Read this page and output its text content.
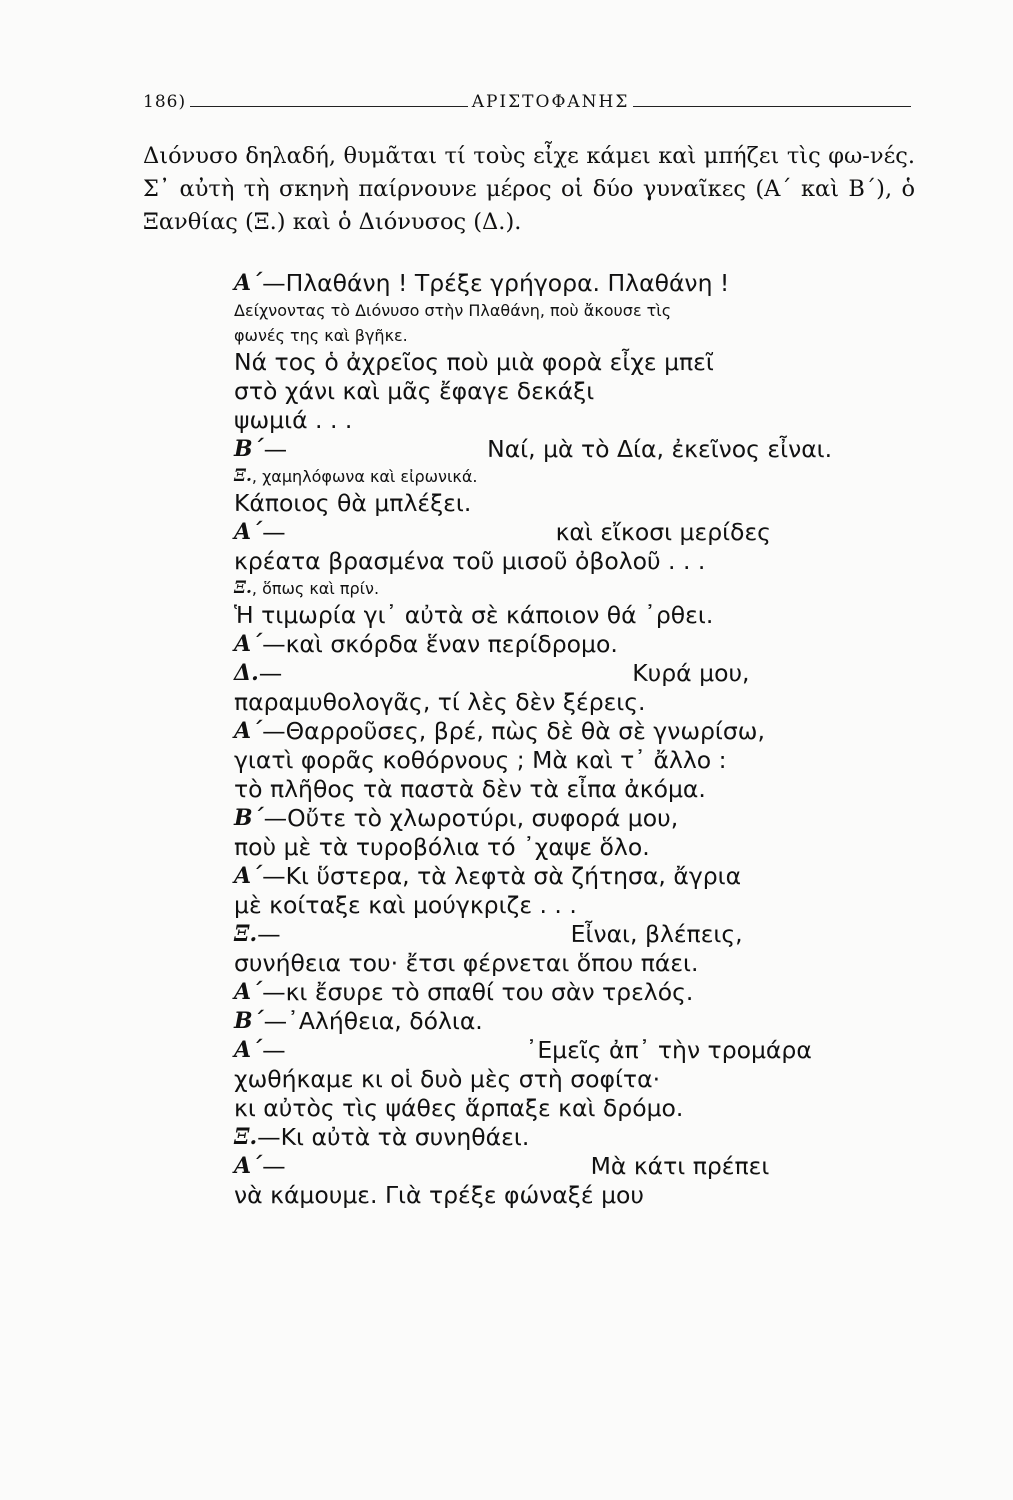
186)	ΑΡΙΣΤΟΦΑΝΗΣ
Διόνυσο δηλαδή, θυμᾶται τί τοὺς εἶχε κάμει καὶ μπήζει τὶς φω-νές. Σ᾽ αὐτὴ τὴ σκηνὴ παίρνουνε μέρος οἱ δύο γυναῖκες (Α΄ καὶ Β΄), ὁ Ξανθίας (Ξ.) καὶ ὁ Διόνυσος (Δ.).
Α΄ —Πλαθάνη ! Τρέξε γρήγορα. Πλαθάνη !
Δείχνοντας τὸ Διόνυσο στὴν Πλαθάνη, ποὺ ἄκουσε τὶς
φωνές της καὶ βγῆκε.
Νά τος ὁ ἀχρεῖος ποὺ μιὰ φορὰ εἶχε μπεῖ
στὸ χάνι καὶ μᾶς ἔφαγε δεκάξι
ψωμιά . . .
Β΄ —	Ναί, μὰ τὸ Δία, ἐκεῖνος εἶναι.
Ξ. , χαμηλόφωνα καὶ εἰρωνικά.
Κάποιος θὰ μπλέξει.
Α΄ —	καὶ εἴκοσι μερίδες
κρέατα βρασμένα τοῦ μισοῦ ὀβολοῦ . . .
Ξ. , ὅπως καὶ πρίν.
Ἡ τιμωρία γι᾽ αὐτὰ σὲ κάποιον θά ᾽ρθει.
Α΄ —καὶ σκόρδα ἕναν περίδρομο.
Δ. —	Κυρά μου,
παραμυθολογᾶς, τί λὲς δὲν ξέρεις.
Α΄ —Θαρροῦσες, βρέ, πὼς δὲ θὰ σὲ γνωρίσω,
γιατὶ φορᾶς κοθόρνους ; Μὰ καὶ τ᾽ ἄλλο :
τὸ πλῆθος τὰ παστὰ δὲν τὰ εἶπα ἀκόμα.
Β΄ —Οὔτε τὸ χλωροτύρι, συφορά μου,
ποὺ μὲ τὰ τυροβόλια τό ᾽χαψε ὅλο.
Α΄ —Κι ὕστερα, τὰ λεφτὰ σὰ ζήτησα, ἄγρια
μὲ κοίταξε καὶ μούγκριζε . . .
Ξ. —	Εἶναι, βλέπεις,
συνήθεια του· ἔτσι φέρνεται ὅπου πάει.
Α΄ —κι ἔσυρε τὸ σπαθί του σὰν τρελός.
Β΄ —᾽Αλήθεια, δόλια.
Α΄ —	᾽Εμεῖς ἀπ᾽ τὴν τρομάρα
χωθήκαμε κι οἱ δυὸ μὲς στὴ σοφίτα·
κι αὐτὸς τὶς ψάθες ἅρπαξε καὶ δρόμο.
Ξ. —Κι αὐτὰ τὰ συνηθάει.
Α΄ —	Μὰ κάτι πρέπει
νὰ κάμουμε. Γιὰ τρέξε φώναξέ μου
